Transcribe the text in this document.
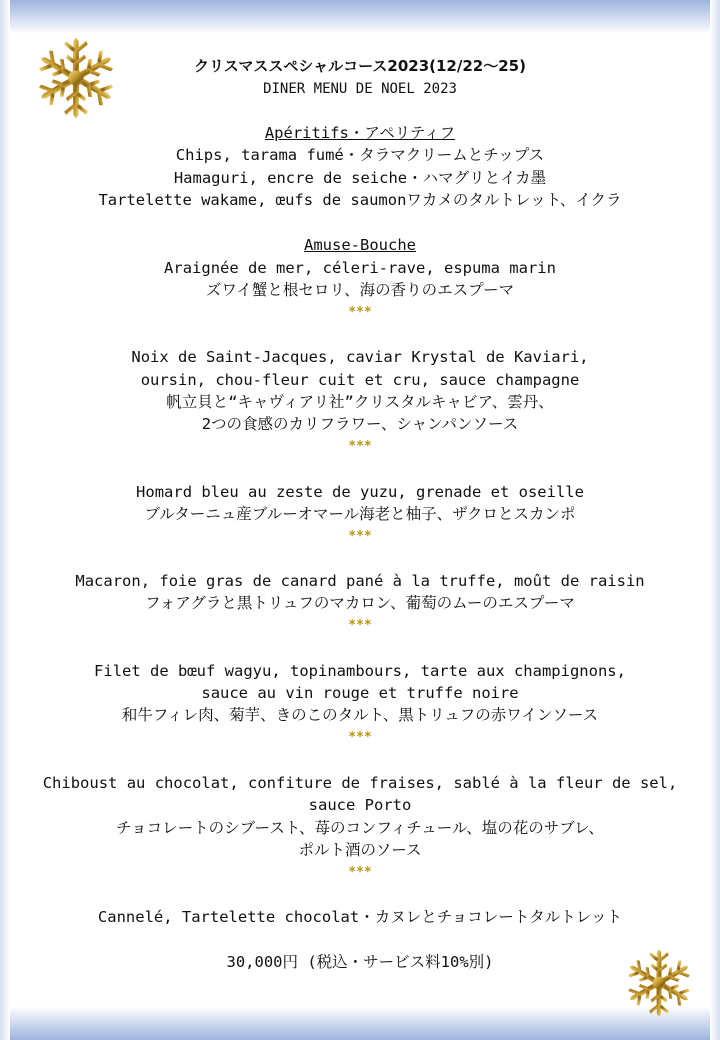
クリスマススペシャルコース2023(12/22～25)
DINER MENU DE NOEL 2023
Apéritifs・アペリティフ
Chips, tarama fumé・タラマクリームとチップス
Hamaguri, encre de seiche・ハマグリとイカ墨
Tartelette wakame, œufs de saumonワカメのタルトレット、イクラ
Amuse-Bouche
Araignée de mer, céleri-rave, espuma marin
ズワイ蟹と根セロリ、海の香りのエスプーマ
***
Noix de Saint-Jacques, caviar Krystal de Kaviari,
oursin, chou-fleur cuit et cru, sauce champagne
帆立貝と“キャヴィアリ社”クリスタルキャビア、雲丹、
2つの食感のカリフラワー、シャンパンソース
***
Homard bleu au zeste de yuzu, grenade et oseille
ブルターニュ産ブルーオマール海老と柚子、ザクロとスカンポ
***
Macaron, foie gras de canard pané à la truffe, moût de raisin
フォアグラと黒トリュフのマカロン、葡萄のムーのエスプーマ
***
Filet de bœuf wagyu, topinambours, tarte aux champignons,
sauce au vin rouge et truffe noire
和牛フィレ肉、菊芋、きのこのタルト、黒トリュフの赤ワインソース
***
Chiboust au chocolat, confiture de fraises, sablé à la fleur de sel,
sauce Porto
チョコレートのシブースト、苺のコンフィチュール、塩の花のサブレ、
ポルト酒のソース
***
Cannelé, Tartelette chocolat・カヌレとチョコレートタルトレット
30,000円 (税込・サービス料10%別)
